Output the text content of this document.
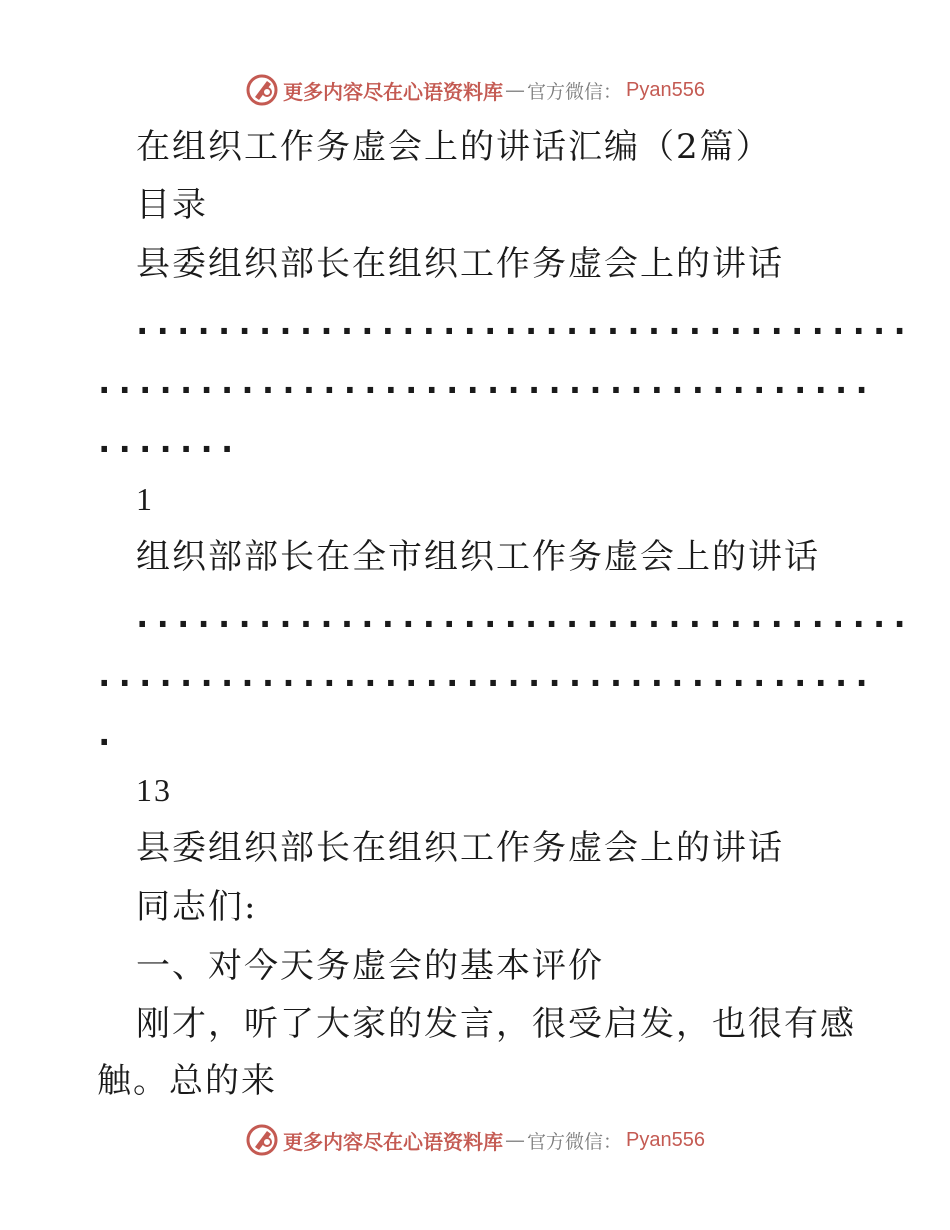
更多内容尽在心语资料库 — 官方微信： Pyan556
在组织工作务虚会上的讲话汇编（2篇）
目录
县委组织部长在组织工作务虚会上的讲话
......................................
......................................
.......
1
组织部部长在全市组织工作务虚会上的讲话
......................................
......................................
.
13
县委组织部长在组织工作务虚会上的讲话
同志们:
一、对今天务虚会的基本评价
刚才，听了大家的发言，很受启发，也很有感
触。总的来
更多内容尽在心语资料库 — 官方微信： Pyan556
